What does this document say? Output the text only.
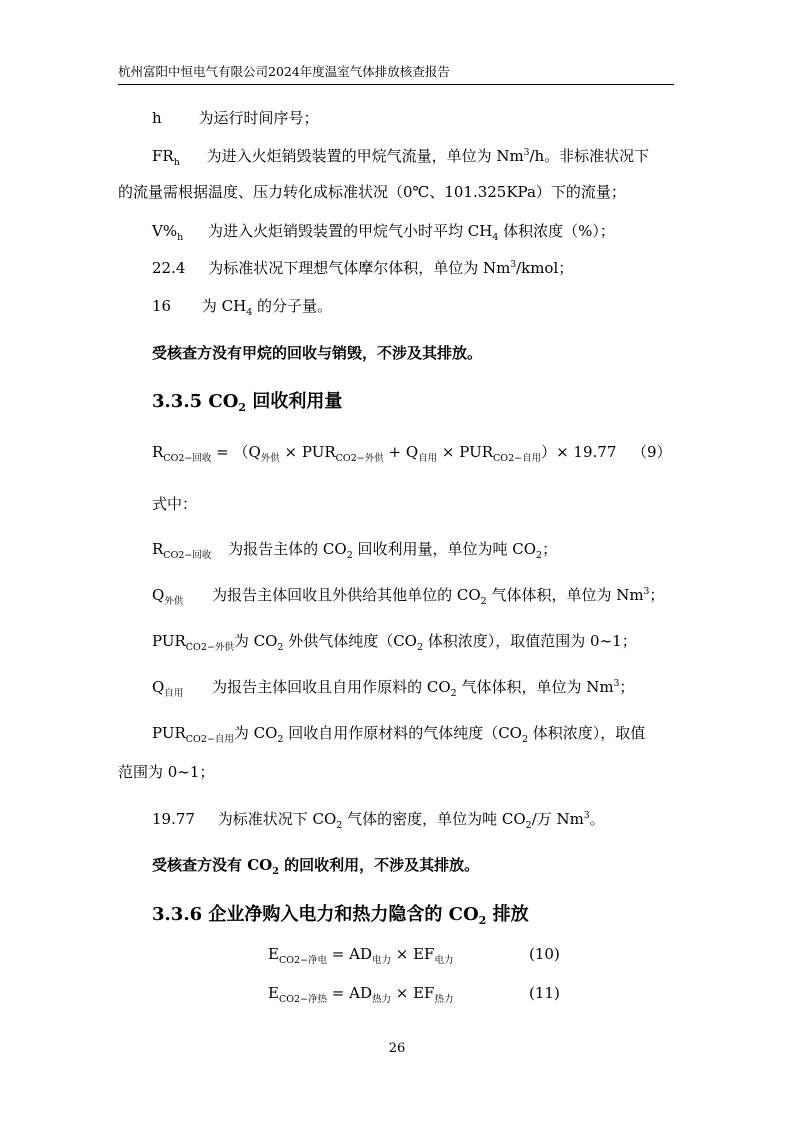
杭州富阳中恒电气有限公司2024年度温室气体排放核查报告
h 为运行时间序号；
$FR_h$ 为进入火炬销毁装置的甲烷气流量，单位为 Nm$^3$/h。非标准状况下
的流量需根据温度、压力转化成标准状况（0℃、101.325KPa）下的流量；
$V\%_h$ 为进入火炬销毁装置的甲烷气小时平均 $CH_4$ 体积浓度（%）；
22.4 为标准状况下理想气体摩尔体积，单位为 Nm$^3$/kmol；
16 为 $CH_4$ 的分子量。
受核查方没有甲烷的回收与销毁，不涉及其排放。
3.3.5 $CO_2$ 回收利用量
$R_{CO2-回收} = (Q_{外供} \times PUR_{CO2-外供} + Q_{自用} \times PUR_{CO2-自用})\times 19.77$ （9）
式中：
$R_{CO2-回收}$ 为报告主体的 $CO_2$ 回收利用量，单位为吨 $CO_2$；
$Q_{外供}$ 为报告主体回收且外供给其他单位的 $CO_2$ 气体体积，单位为 Nm$^3$；
$PUR_{CO2-外供}$为 $CO_2$ 外供气体纯度（$CO_2$ 体积浓度），取值范围为 0~1；
$Q_{自用}$ 为报告主体回收且自用作原料的 $CO_2$ 气体体积，单位为 Nm$^3$；
$PUR_{CO2-自用}$为 $CO_2$ 回收自用作原材料的气体纯度（$CO_2$ 体积浓度），取值
范围为 0~1；
19.77 为标准状况下 $CO_2$ 气体的密度，单位为吨 $CO_2/$万 Nm$^3$。
受核查方没有 $CO_2$ 的回收利用，不涉及其排放。
3.3.6 企业净购入电力和热力隐含的 $CO_2$ 排放
$E_{CO2-净电} = AD_{电力} \times EF_{电力}$	(10)
$E_{CO2-净热} = AD_{热力} \times EF_{热力}$	(11)
26
